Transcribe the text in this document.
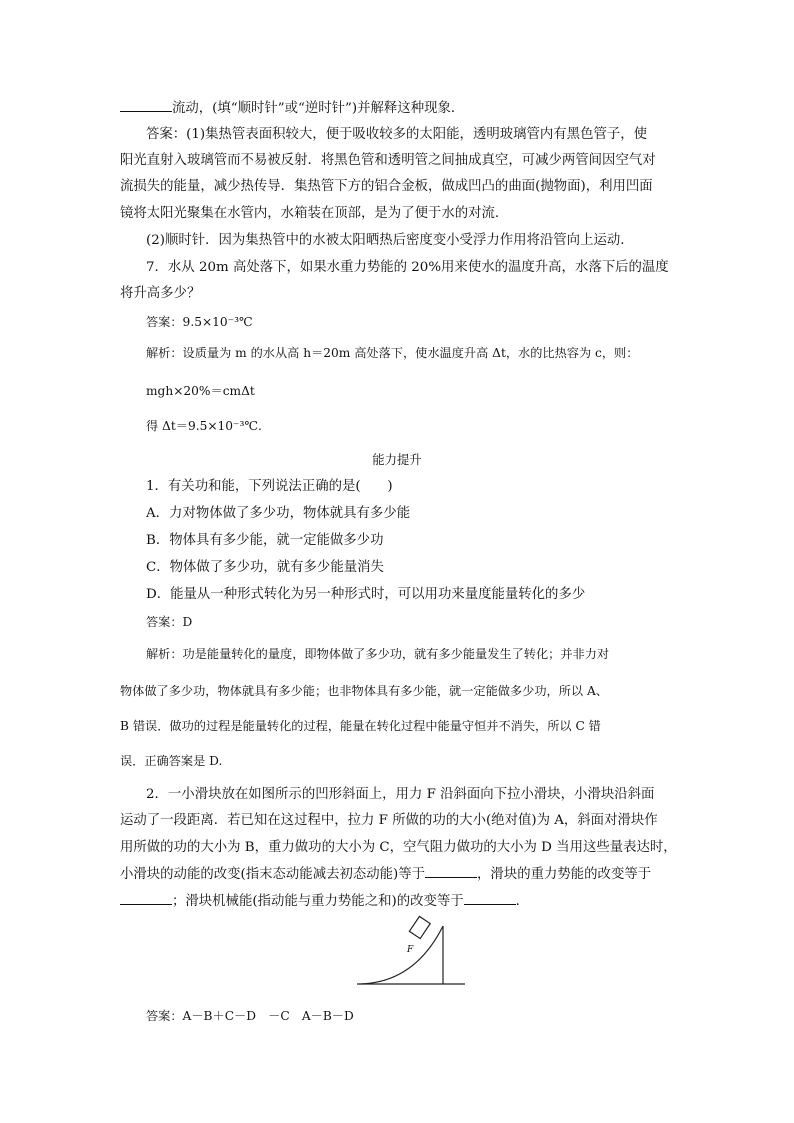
流动，(填“顺时针”或“逆时针”)并解释这种现象．
答案：(1)集热管表面积较大，便于吸收较多的太阳能，透明玻璃管内有黑色管子，使
阳光直射入玻璃管而不易被反射．将黑色管和透明管之间抽成真空，可减少两管间因空气对
流损失的能量，减少热传导．集热管下方的铝合金板，做成凹凸的曲面(抛物面)，利用凹面
镜将太阳光聚集在水管内，水箱装在顶部，是为了便于水的对流．
(2)顺时针．因为集热管中的水被太阳晒热后密度变小受浮力作用将沿管向上运动．
7．水从 20m 高处落下，如果水重力势能的 20%用来使水的温度升高，水落下后的温度
将升高多少？
答案：9.5×10⁻³℃
解析：设质量为 m 的水从高 h＝20m 高处落下，使水温度升高 Δt，水的比热容为 c，则：
mgh×20%＝cmΔt
得 Δt＝9.5×10⁻³℃.
能力提升
1．有关功和能，下列说法正确的是(　　)
A．力对物体做了多少功，物体就具有多少能
B．物体具有多少能，就一定能做多少功
C．物体做了多少功，就有多少能量消失
D．能量从一种形式转化为另一种形式时，可以用功来量度能量转化的多少
答案：D
解析：功是能量转化的量度，即物体做了多少功，就有多少能量发生了转化；并非力对
物体做了多少功，物体就具有多少能；也非物体具有多少能，就一定能做多少功，所以 A、
B 错误．做功的过程是能量转化的过程，能量在转化过程中能量守恒并不消失，所以 C 错
误．正确答案是 D.
2．一小滑块放在如图所示的凹形斜面上，用力 F 沿斜面向下拉小滑块，小滑块沿斜面
运动了一段距离．若已知在这过程中，拉力 F 所做的功的大小(绝对值)为 A，斜面对滑块作
用所做的功的大小为 B，重力做功的大小为 C，空气阻力做功的大小为 D 当用这些量表达时，
小滑块的动能的改变(指末态动能减去初态动能)等于	，滑块的重力势能的改变等于
；滑块机械能(指动能与重力势能之和)的改变等于	．
F
答案：A－B＋C－D　－C　A－B－D
